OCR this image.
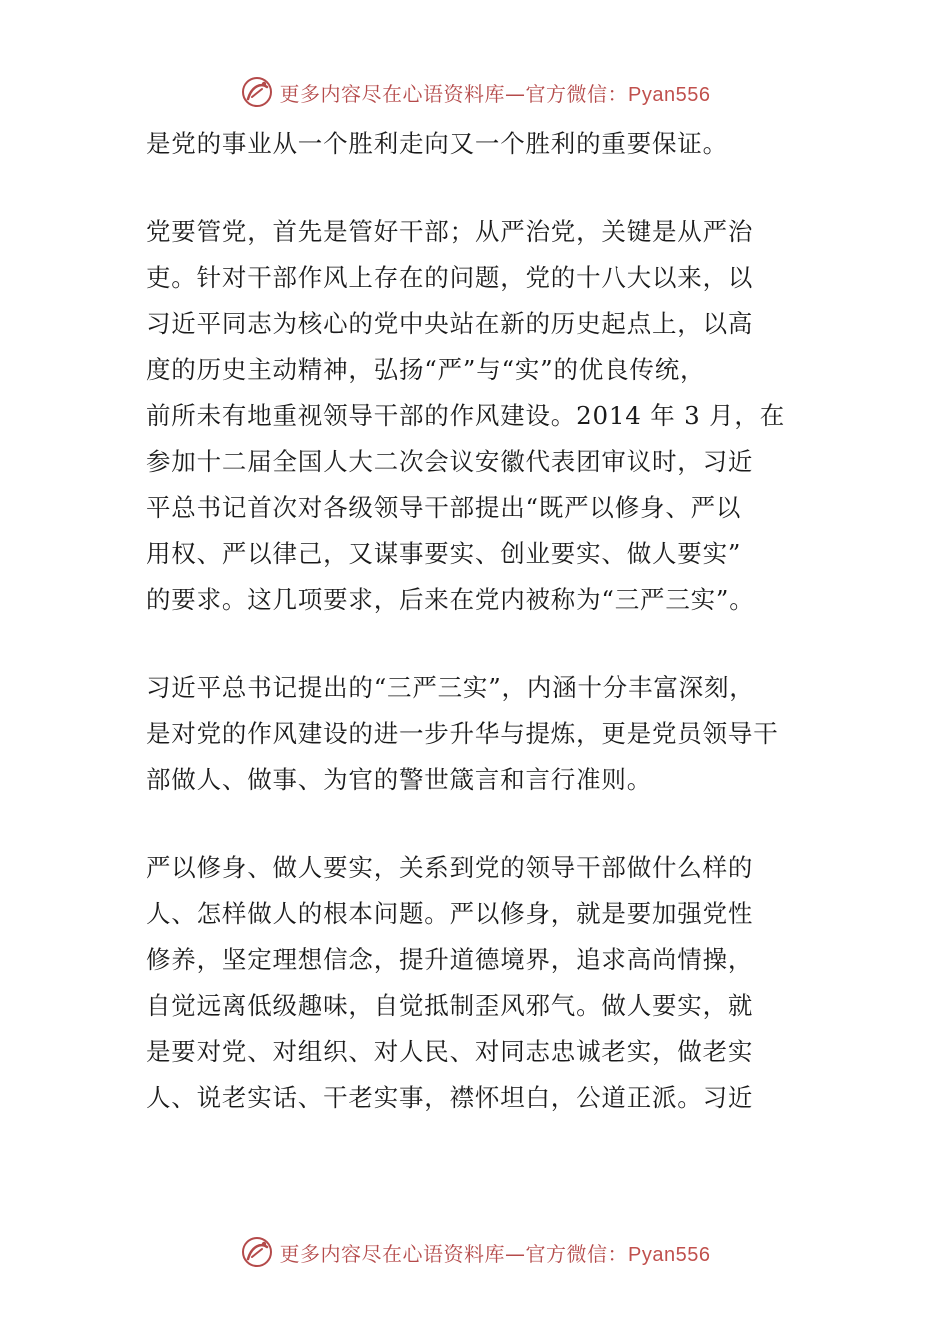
更多内容尽在心语资料库—官方微信：Pyan556
是党的事业从一个胜利走向又一个胜利的重要保证。
党要管党，首先是管好干部；从严治党，关键是从严治
吏。针对干部作风上存在的问题，党的十八大以来，以
习近平同志为核心的党中央站在新的历史起点上，以高
度的历史主动精神，弘扬“严”与“实”的优良传统，
前所未有地重视领导干部的作风建设。2014 年 3 月，在
参加十二届全国人大二次会议安徽代表团审议时，习近
平总书记首次对各级领导干部提出“既严以修身、严以
用权、严以律己，又谋事要实、创业要实、做人要实”
的要求。这几项要求，后来在党内被称为“三严三实”。
习近平总书记提出的“三严三实”，内涵十分丰富深刻，
是对党的作风建设的进一步升华与提炼，更是党员领导干
部做人、做事、为官的警世箴言和言行准则。
严以修身、做人要实，关系到党的领导干部做什么样的
人、怎样做人的根本问题。严以修身，就是要加强党性
修养，坚定理想信念，提升道德境界，追求高尚情操，
自觉远离低级趣味，自觉抵制歪风邪气。做人要实，就
是要对党、对组织、对人民、对同志忠诚老实，做老实
人、说老实话、干老实事，襟怀坦白，公道正派。习近
更多内容尽在心语资料库—官方微信：Pyan556
